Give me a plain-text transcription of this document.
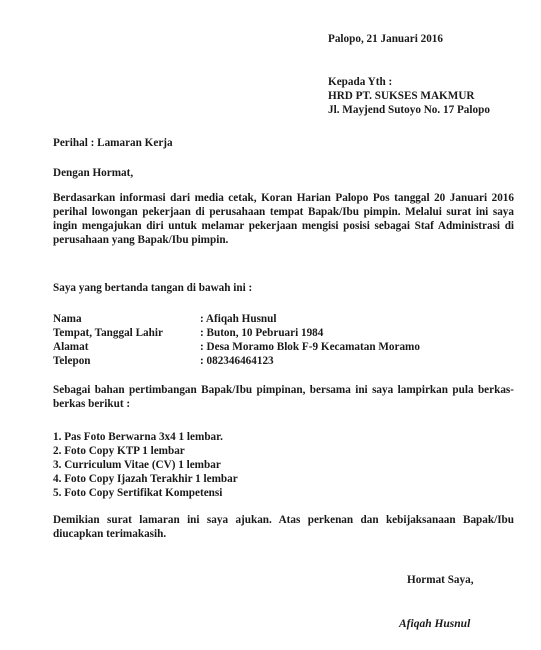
Palopo, 21 Januari 2016
Kepada Yth :
HRD PT. SUKSES MAKMUR
Jl. Mayjend Sutoyo No. 17 Palopo
Perihal : Lamaran Kerja
Dengan Hormat,
Berdasarkan informasi dari media cetak, Koran Harian Palopo Pos tanggal 20 Januari 2016 perihal lowongan pekerjaan di perusahaan tempat Bapak/Ibu pimpin. Melalui surat ini saya ingin mengajukan diri untuk melamar pekerjaan mengisi posisi sebagai Staf Administrasi di perusahaan yang Bapak/Ibu pimpin.
Saya yang bertanda tangan di bawah ini :
Nama	: Afiqah Husnul
Tempat, Tanggal Lahir	: Buton, 10 Pebruari 1984
Alamat	: Desa Moramo Blok F-9 Kecamatan Moramo
Telepon	: 082346464123
Sebagai bahan pertimbangan Bapak/Ibu pimpinan, bersama ini saya lampirkan pula berkas-berkas berikut :
1. Pas Foto Berwarna 3x4 1 lembar.
2. Foto Copy KTP 1 lembar
3. Curriculum Vitae (CV) 1 lembar
4. Foto Copy Ijazah Terakhir 1 lembar
5. Foto Copy Sertifikat Kompetensi
Demikian surat lamaran ini saya ajukan. Atas perkenan dan kebijaksanaan Bapak/Ibu diucapkan terimakasih.
Hormat Saya,
Afiqah Husnul
